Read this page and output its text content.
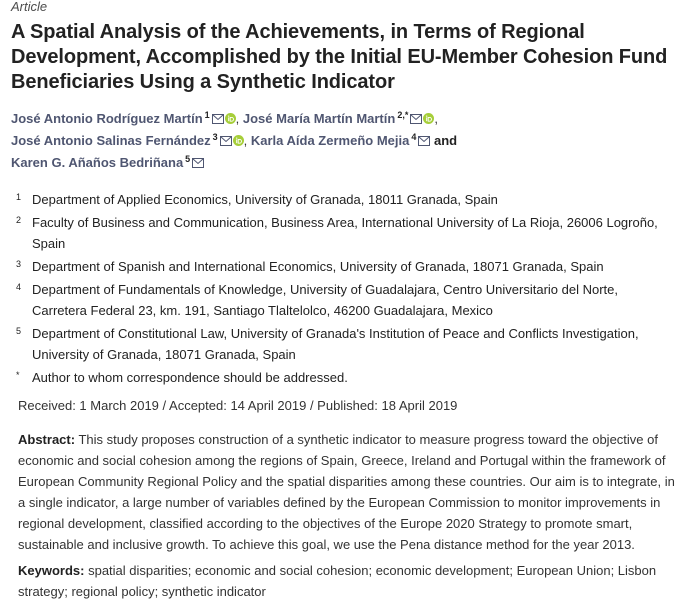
Article
A Spatial Analysis of the Achievements, in Terms of Regional Development, Accomplished by the Initial EU-Member Cohesion Fund Beneficiaries Using a Synthetic Indicator
José Antonio Rodríguez Martín $^1$ , José María Martín Martín $^{2,*}$ ,
José Antonio Salinas Fernández $^3$ , Karla Aída Zermeño Mejia $^4$ and
Karen G. Añaños Bedriñana $^5$
1 Department of Applied Economics, University of Granada, 18011 Granada, Spain
2 Faculty of Business and Communication, Business Area, International University of La Rioja, 26006 Logroño, Spain
3 Department of Spanish and International Economics, University of Granada, 18071 Granada, Spain
4 Department of Fundamentals of Knowledge, University of Guadalajara, Centro Universitario del Norte, Carretera Federal 23, km. 191, Santiago Tlaltelolco, 46200 Guadalajara, Mexico
5 Department of Constitutional Law, University of Granada's Institution of Peace and Conflicts Investigation, University of Granada, 18071 Granada, Spain
* Author to whom correspondence should be addressed.
Received: 1 March 2019 / Accepted: 14 April 2019 / Published: 18 April 2019
Abstract: This study proposes construction of a synthetic indicator to measure progress toward the objective of economic and social cohesion among the regions of Spain, Greece, Ireland and Portugal within the framework of European Community Regional Policy and the spatial disparities among these countries. Our aim is to integrate, in a single indicator, a large number of variables defined by the European Commission to monitor improvements in regional development, classified according to the objectives of the Europe 2020 Strategy to promote smart, sustainable and inclusive growth. To achieve this goal, we use the Pena distance method for the year 2013.
Keywords: spatial disparities; economic and social cohesion; economic development; European Union; Lisbon strategy; regional policy; synthetic indicator
